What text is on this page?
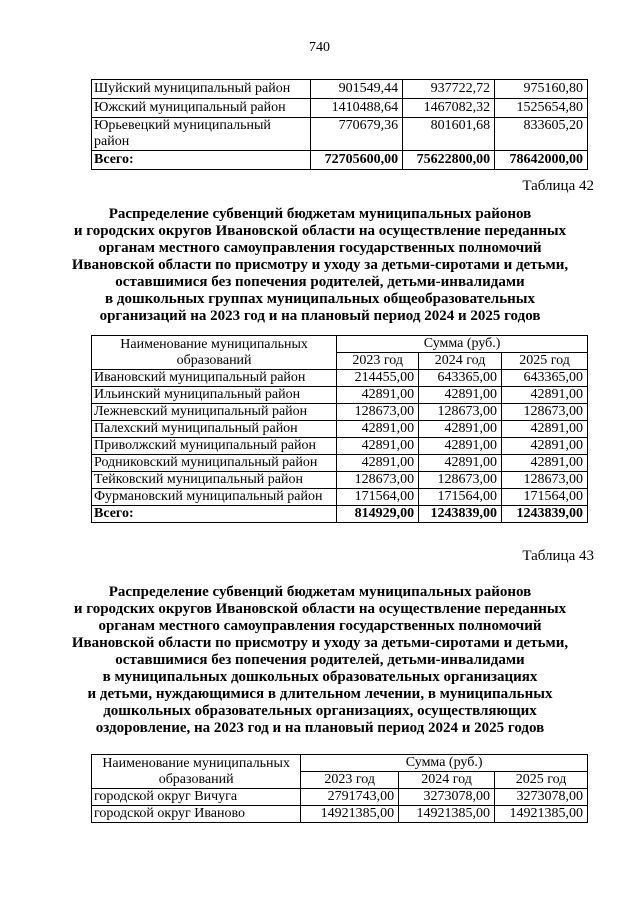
740
Шуйский муниципальный район	901549,44	937722,72	975160,80
Южский муниципальный район	1410488,64	1467082,32	1525654,80

Юрьевецкий муниципальный
район	770679,36	801601,68	833605,20
Всего:	72705600,00	75622800,00	78642000,00
Таблица 42
Распределение субвенций бюджетам муниципальных районов
и городских округов Ивановской области на осуществление переданных
органам местного самоуправления государственных полномочий
Ивановской области по присмотру и уходу за детьми-сиротами и детьми,
оставшимися без попечения родителей, детьми-инвалидами
в дошкольных группах муниципальных общеобразовательных
организаций на 2023 год и на плановый период 2024 и 2025 годов
Наименование муниципальных
образований	Сумма (руб.)		
	2023 год	2024 год	2025 год
Ивановский муниципальный район	214455,00	643365,00	643365,00
Ильинский муниципальный район	42891,00	42891,00	42891,00
Лежневский муниципальный район	128673,00	128673,00	128673,00
Палехский муниципальный район	42891,00	42891,00	42891,00
Приволжский муниципальный район	42891,00	42891,00	42891,00
Родниковский муниципальный район	42891,00	42891,00	42891,00
Тейковский муниципальный район	128673,00	128673,00	128673,00
Фурмановский муниципальный район	171564,00	171564,00	171564,00
Всего:	814929,00	1243839,00	1243839,00
Таблица 43
Распределение субвенций бюджетам муниципальных районов
и городских округов Ивановской области на осуществление переданных
органам местного самоуправления государственных полномочий
Ивановской области по присмотру и уходу за детьми-сиротами и детьми,
оставшимися без попечения родителей, детьми-инвалидами
в муниципальных дошкольных образовательных организациях
и детьми, нуждающимися в длительном лечении, в муниципальных
дошкольных образовательных организациях, осуществляющих
оздоровление, на 2023 год и на плановый период 2024 и 2025 годов
Наименование муниципальных
образований	Сумма (руб.)		
	2023 год	2024 год	2025 год
городской округ Вичуга	2791743,00	3273078,00	3273078,00
городской округ Иваново	14921385,00	14921385,00	14921385,00
